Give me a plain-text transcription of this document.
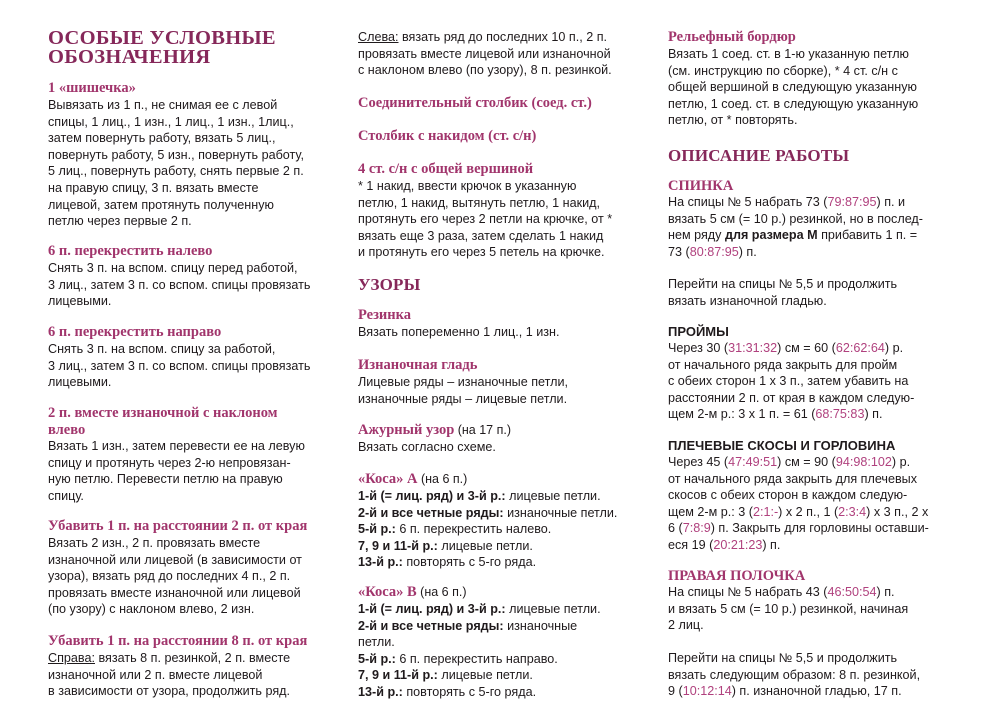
ОСОБЫЕ УСЛОВНЫЕ
ОБОЗНАЧЕНИЯ
1 «шишечка»
Вывязать из 1 п., не снимая ее с левой
спицы, 1 лиц., 1 изн., 1 лиц., 1 изн., 1лиц.,
затем повернуть работу, вязать 5 лиц.,
повернуть работу, 5 изн., повернуть работу,
5 лиц., повернуть работу, снять первые 2 п.
на правую спицу, 3 п. вязать вместе
лицевой, затем протянуть полученную
петлю через первые 2 п.
6 п. перекрестить налево
Снять 3 п. на вспом. спицу перед работой,
3 лиц., затем 3 п. со вспом. спицы провязать
лицевыми.
6 п. перекрестить направо
Снять 3 п. на вспом. спицу за работой,
3 лиц., затем 3 п. со вспом. спицы провязать
лицевыми.
2 п. вместе изнаночной с наклоном
влево
Вязать 1 изн., затем перевести ее на левую
спицу и протянуть через 2-ю непровязан-
ную петлю. Перевести петлю на правую
спицу.
Убавить 1 п. на расстоянии 2 п. от края
Вязать 2 изн., 2 п. провязать вместе
изнаночной или лицевой (в зависимости от
узора), вязать ряд до последних 4 п., 2 п.
провязать вместе изнаночной или лицевой
(по узору) с наклоном влево, 2 изн.
Убавить 1 п. на расстоянии 8 п. от края
Справа: вязать 8 п. резинкой, 2 п. вместе
изнаночной или 2 п. вместе лицевой
в зависимости от узора, продолжить ряд.
Слева: вязать ряд до последних 10 п., 2 п.
провязать вместе лицевой или изнаночной
с наклоном влево (по узору), 8 п. резинкой.
Соединительный столбик (соед. ст.)
Столбик с накидом (ст. с/н)
4 ст. с/н с общей вершиной
* 1 накид, ввести крючок в указанную
петлю, 1 накид, вытянуть петлю, 1 накид,
протянуть его через 2 петли на крючке, от *
вязать еще 3 раза, затем сделать 1 накид
и протянуть его через 5 петель на крючке.
УЗОРЫ
Резинка
Вязать попеременно 1 лиц., 1 изн.
Изнаночная гладь
Лицевые ряды – изнаночные петли,
изнаночные ряды – лицевые петли.
Ажурный узор (на 17 п.)
Вязать согласно схеме.
«Коса» А (на 6 п.)
1-й (= лиц. ряд) и 3-й р.: лицевые петли.
2-й и все четные ряды: изнаночные петли.
5-й р.: 6 п. перекрестить налево.
7, 9 и 11-й р.: лицевые петли.
13-й р.: повторять с 5-го ряда.
«Коса» В (на 6 п.)
1-й (= лиц. ряд) и 3-й р.: лицевые петли.
2-й и все четные ряды: изнаночные
петли.
5-й р.: 6 п. перекрестить направо.
7, 9 и 11-й р.: лицевые петли.
13-й р.: повторять с 5-го ряда.
Рельефный бордюр
Вязать 1 соед. ст. в 1-ю указанную петлю
(см. инструкцию по сборке), * 4 ст. с/н с
общей вершиной в следующую указанную
петлю, 1 соед. ст. в следующую указанную
петлю, от * повторять.
ОПИСАНИЕ РАБОТЫ
СПИНКА
На спицы № 5 набрать 73 (79:87:95) п. и
вязать 5 см (= 10 р.) резинкой, но в послед-
нем ряду для размера М прибавить 1 п. =
73 (80:87:95) п.
Перейти на спицы № 5,5 и продолжить
вязать изнаночной гладью.
ПРОЙМЫ
Через 30 (31:31:32) см = 60 (62:62:64) р.
от начального ряда закрыть для пройм
с обеих сторон 1 х 3 п., затем убавить на
расстоянии 2 п. от края в каждом следую-
щем 2-м р.: 3 х 1 п. = 61 (68:75:83) п.
ПЛЕЧЕВЫЕ СКОСЫ И ГОРЛОВИНА
Через 45 (47:49:51) см = 90 (94:98:102) р.
от начального ряда закрыть для плечевых
скосов с обеих сторон в каждом следую-
щем 2-м р.: 3 (2:1:-) х 2 п., 1 (2:3:4) х 3 п., 2 х
6 (7:8:9) п. Закрыть для горловины оставши-
еся 19 (20:21:23) п.
ПРАВАЯ ПОЛОЧКА
На спицы № 5 набрать 43 (46:50:54) п.
и вязать 5 см (= 10 р.) резинкой, начиная
2 лиц.
Перейти на спицы № 5,5 и продолжить
вязать следующим образом: 8 п. резинкой,
9 (10:12:14) п. изнаночной гладью, 17 п.
